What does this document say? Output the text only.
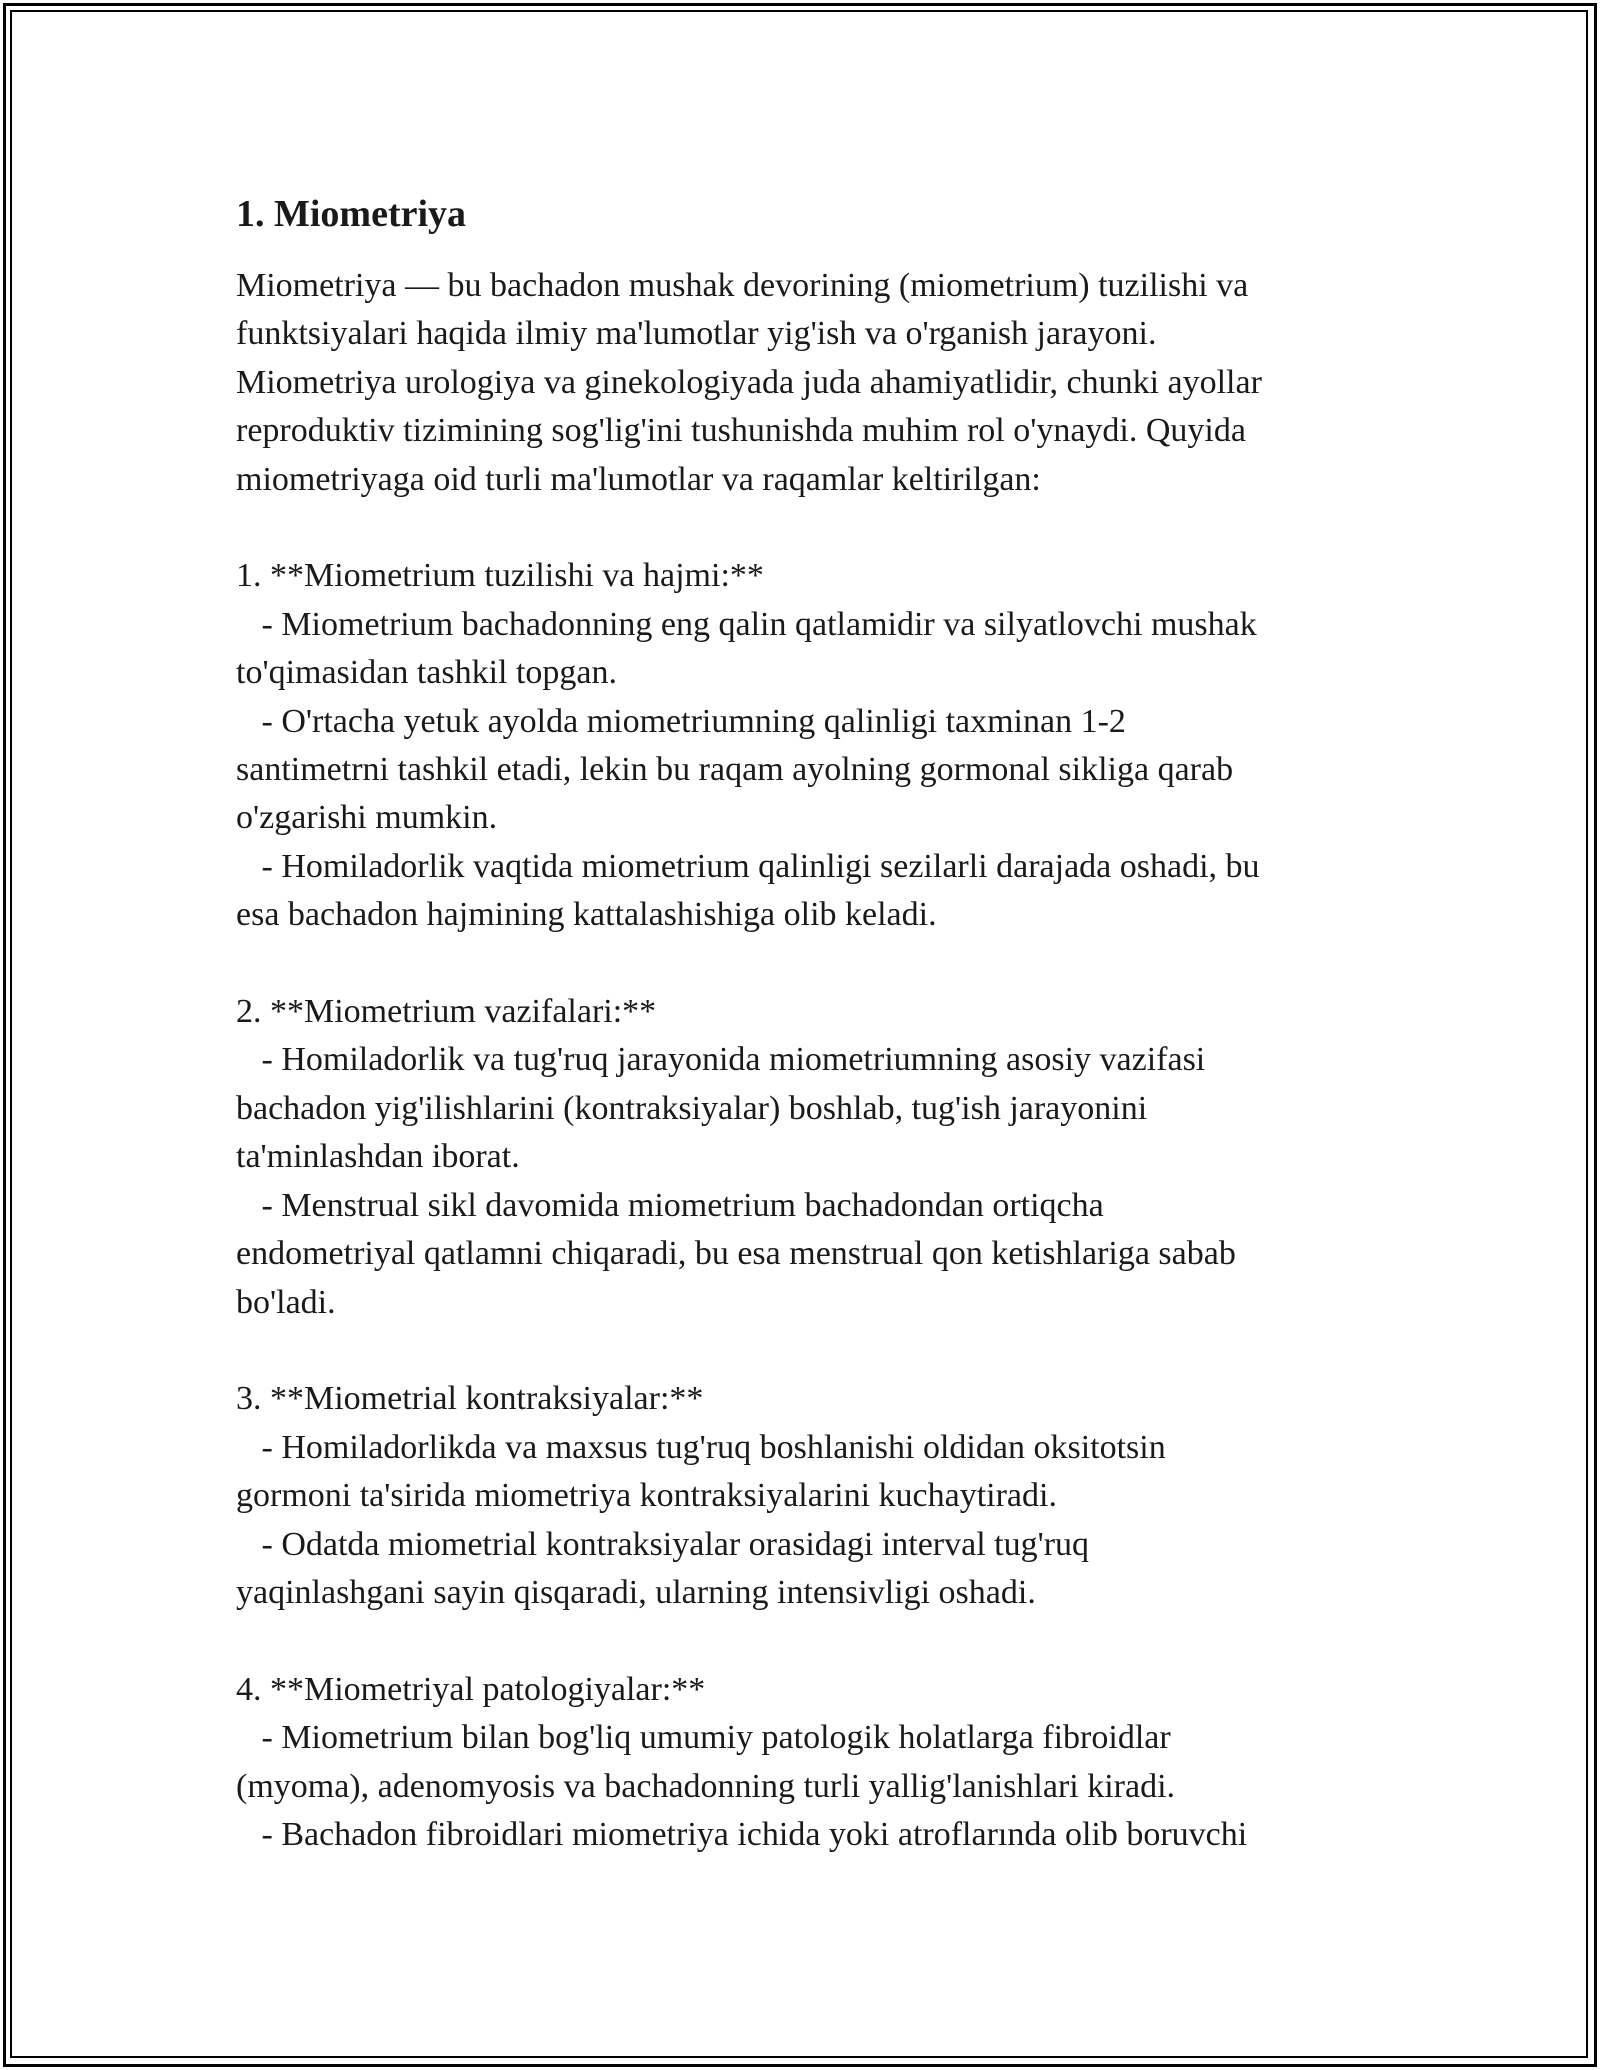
1. Miometriya
Miometriya — bu bachadon mushak devorining (miometrium) tuzilishi va
funktsiyalari haqida ilmiy ma'lumotlar yig'ish va o'rganish jarayoni.
Miometriya urologiya va ginekologiyada juda ahamiyatlidir, chunki ayollar
reproduktiv tizimining sog'lig'ini tushunishda muhim rol o'ynaydi. Quyida
miometriyaga oid turli ma'lumotlar va raqamlar keltirilgan:
1. **Miometrium tuzilishi va hajmi:**
- Miometrium bachadonning eng qalin qatlamidir va silyatlovchi mushak
to'qimasidan tashkil topgan.
- O'rtacha yetuk ayolda miometriumning qalinligi taxminan 1-2
santimetrni tashkil etadi, lekin bu raqam ayolning gormonal sikliga qarab
o'zgarishi mumkin.
- Homiladorlik vaqtida miometrium qalinligi sezilarli darajada oshadi, bu
esa bachadon hajmining kattalashishiga olib keladi.
2. **Miometrium vazifalari:**
- Homiladorlik va tug'ruq jarayonida miometriumning asosiy vazifasi
bachadon yig'ilishlarini (kontraksiyalar) boshlab, tug'ish jarayonini
ta'minlashdan iborat.
- Menstrual sikl davomida miometrium bachadondan ortiqcha
endometriyal qatlamni chiqaradi, bu esa menstrual qon ketishlariga sabab
bo'ladi.
3. **Miometrial kontraksiyalar:**
- Homiladorlikda va maxsus tug'ruq boshlanishi oldidan oksitotsin
gormoni ta'sirida miometriya kontraksiyalarini kuchaytiradi.
- Odatda miometrial kontraksiyalar orasidagi interval tug'ruq
yaqinlashgani sayin qisqaradi, ularning intensivligi oshadi.
4. **Miometriyal patologiyalar:**
- Miometrium bilan bog'liq umumiy patologik holatlarga fibroidlar
(myoma), adenomyosis va bachadonning turli yallig'lanishlari kiradi.
- Bachadon fibroidlari miometriya ichida yoki atroflarında olib boruvchi
